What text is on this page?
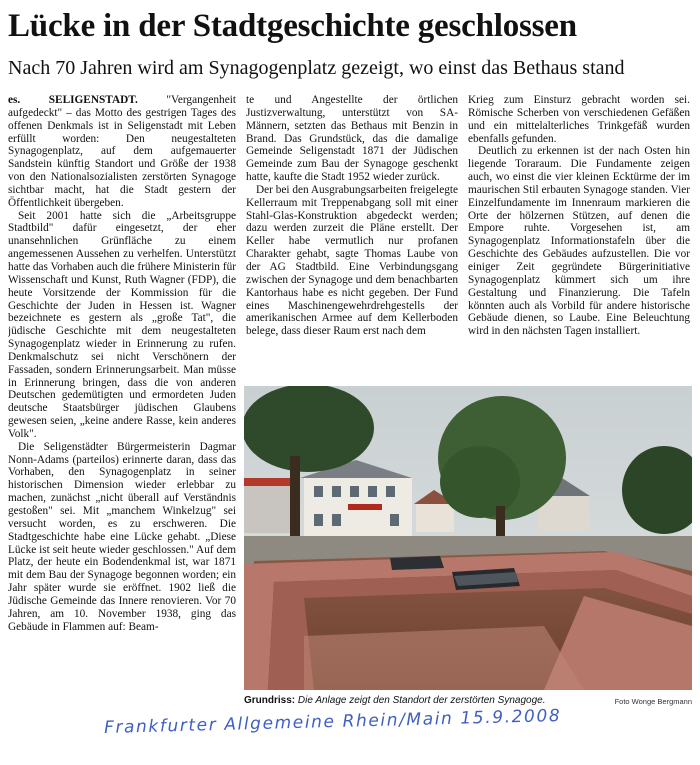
Lücke in der Stadtgeschichte geschlossen
Nach 70 Jahren wird am Synagogenplatz gezeigt, wo einst das Bethaus stand

es. SELIGENSTADT. "Vergangenheit aufgedeckt" – das Motto des gestrigen Tages des offenen Denkmals ist in Seligenstadt mit Leben erfüllt worden: Den neugestalteten Synagogenplatz, auf dem aufgemauerter Sandstein künftig Standort und Größe der 1938 von den Nationalsozialisten zerstörten Synagoge sichtbar macht, hat die Stadt gestern der Öffentlichkeit übergeben.

Seit 2001 hatte sich die „Arbeitsgruppe Stadtbild" dafür eingesetzt, der eher unansehnlichen Grünfläche zu einem angemessenen Aussehen zu verhelfen. Unterstützt hatte das Vorhaben auch die frühere Ministerin für Wissenschaft und Kunst, Ruth Wagner (FDP), die heute Vorsitzende der Kommission für die Geschichte der Juden in Hessen ist. Wagner bezeichnete es gestern als „große Tat", die jüdische Geschichte mit dem neugestalteten Synagogenplatz wieder in Erinnerung zu rufen. Denkmalschutz sei nicht Verschönern der Fassaden, sondern Erinnerungsarbeit. Man müsse in Erinnerung bringen, dass die von anderen Deutschen gedemütigten und ermordeten Juden deutsche Staatsbürger jüdischen Glaubens gewesen seien, „keine andere Rasse, kein anderes Volk".

Die Seligenstädter Bürgermeisterin Dagmar Nonn-Adams (parteilos) erinnerte daran, dass das Vorhaben, den Synagogenplatz in seiner historischen Dimension wieder erlebbar zu machen, zunächst „nicht überall auf Verständnis gestoßen" sei. Mit „manchem Winkelzug" sei versucht worden, es zu erschweren. Die Stadtgeschichte habe eine Lücke gehabt. „Diese Lücke ist seit heute wieder geschlossen." Auf dem Platz, der heute ein Bodendenkmal ist, war 1871 mit dem Bau der Synagoge begonnen worden; ein Jahr später wurde sie eröffnet. 1902 ließ die Jüdische Gemeinde das Innere renovieren. Vor 70 Jahren, am 10. November 1938, ging das Gebäude in Flammen auf: Beam-

te und Angestellte der örtlichen Justizverwaltung, unterstützt von SA-Männern, setzten das Bethaus mit Benzin in Brand. Das Grundstück, das die damalige Gemeinde Seligenstadt 1871 der Jüdischen Gemeinde zum Bau der Synagoge geschenkt hatte, kaufte die Stadt 1952 wieder zurück.

Der bei den Ausgrabungsarbeiten freigelegte Kellerraum mit Treppenabgang soll mit einer Stahl-Glas-Konstruktion abgedeckt werden; dazu werden zurzeit die Pläne erstellt. Der Keller habe vermutlich nur profanen Charakter gehabt, sagte Thomas Laube von der AG Stadtbild. Eine Verbindungsgang zwischen der Synagoge und dem benachbarten Kantorhaus habe es nicht gegeben. Der Fund eines Maschinengewehrdrehgestells der amerikanischen Armee auf dem Kellerboden belege, dass dieser Raum erst nach dem

Krieg zum Einsturz gebracht worden sei. Römische Scherben von verschiedenen Gefäßen und ein mittelalterliches Trinkgefäß wurden ebenfalls gefunden.

Deutlich zu erkennen ist der nach Osten hin liegende Toraraum. Die Fundamente zeigen auch, wo einst die vier kleinen Ecktürme der im maurischen Stil erbauten Synagoge standen. Vier Einzelfundamente im Innenraum markieren die Orte der hölzernen Stützen, auf denen die Empore ruhte. Vorgesehen ist, am Synagogenplatz Informationstafeln über die Geschichte des Gebäudes aufzustellen. Die vor einiger Zeit gegründete Bürgerinitiative Synagogenplatz kümmert sich um ihre Gestaltung und Finanzierung. Die Tafeln könnten auch als Vorbild für andere historische Gebäude dienen, so Laube. Eine Beleuchtung wird in den nächsten Tagen installiert.

Grundriss: Die Anlage zeigt den Standort der zerstörten Synagoge.	Foto Wonge Bergmann
Frankfurter Allgemeine Rhein/Main 15.9.2008
